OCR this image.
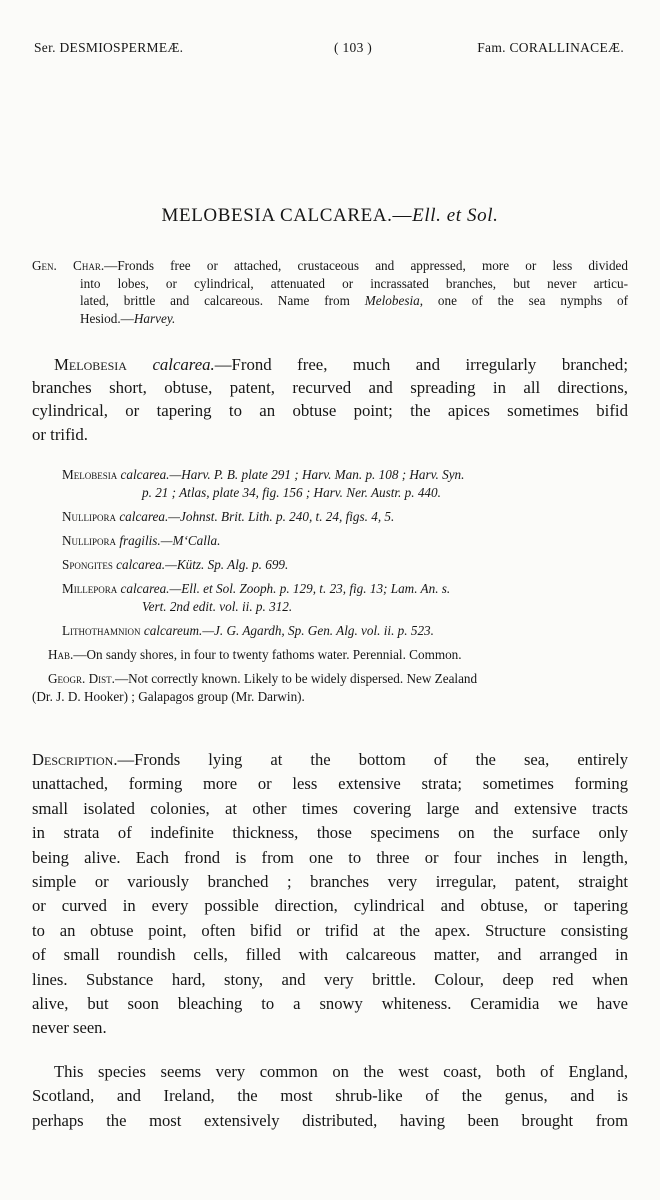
Ser. DESMIOSPERMEÆ.	( 103 )	Fam. CORALLINACEÆ.
MELOBESIA CALCAREA.—Ell. et Sol.
Gen. Char.—Fronds free or attached, crustaceous and appressed, more or less divided
into lobes, or cylindrical, attenuated or incrassated branches, but never articu-
lated, brittle and calcareous. Name from Melobesia, one of the sea nymphs of
Hesiod.—Harvey.
Melobesia calcarea.—Frond free, much and irregularly branched;
branches short, obtuse, patent, recurved and spreading in all directions,
cylindrical, or tapering to an obtuse point; the apices sometimes bifid
or trifid.
Melobesia calcarea.—Harv. P. B. plate 291 ; Harv. Man. p. 108 ; Harv. Syn.
p. 21 ; Atlas, plate 34, fig. 156 ; Harv. Ner. Austr. p. 440.
Nullipora calcarea.—Johnst. Brit. Lith. p. 240, t. 24, figs. 4, 5.
Nullipora fragilis.—M‘Calla.
Spongites calcarea.—Kütz. Sp. Alg. p. 699.
Millepora calcarea.—Ell. et Sol. Zooph. p. 129, t. 23, fig. 13; Lam. An. s.
Vert. 2nd edit. vol. ii. p. 312.
Lithothamnion calcareum.—J. G. Agardh, Sp. Gen. Alg. vol. ii. p. 523.
Hab.—On sandy shores, in four to twenty fathoms water. Perennial. Common.
Geogr. Dist.—Not correctly known. Likely to be widely dispersed. New Zealand
(Dr. J. D. Hooker) ; Galapagos group (Mr. Darwin).
Description.—Fronds lying at the bottom of the sea, entirely
unattached, forming more or less extensive strata; sometimes forming
small isolated colonies, at other times covering large and extensive tracts
in strata of indefinite thickness, those specimens on the surface only
being alive. Each frond is from one to three or four inches in length,
simple or variously branched ; branches very irregular, patent, straight
or curved in every possible direction, cylindrical and obtuse, or tapering
to an obtuse point, often bifid or trifid at the apex. Structure consisting
of small roundish cells, filled with calcareous matter, and arranged in
lines. Substance hard, stony, and very brittle. Colour, deep red when
alive, but soon bleaching to a snowy whiteness. Ceramidia we have
never seen.
This species seems very common on the west coast, both of England,
Scotland, and Ireland, the most shrub-like of the genus, and is
perhaps the most extensively distributed, having been brought from
